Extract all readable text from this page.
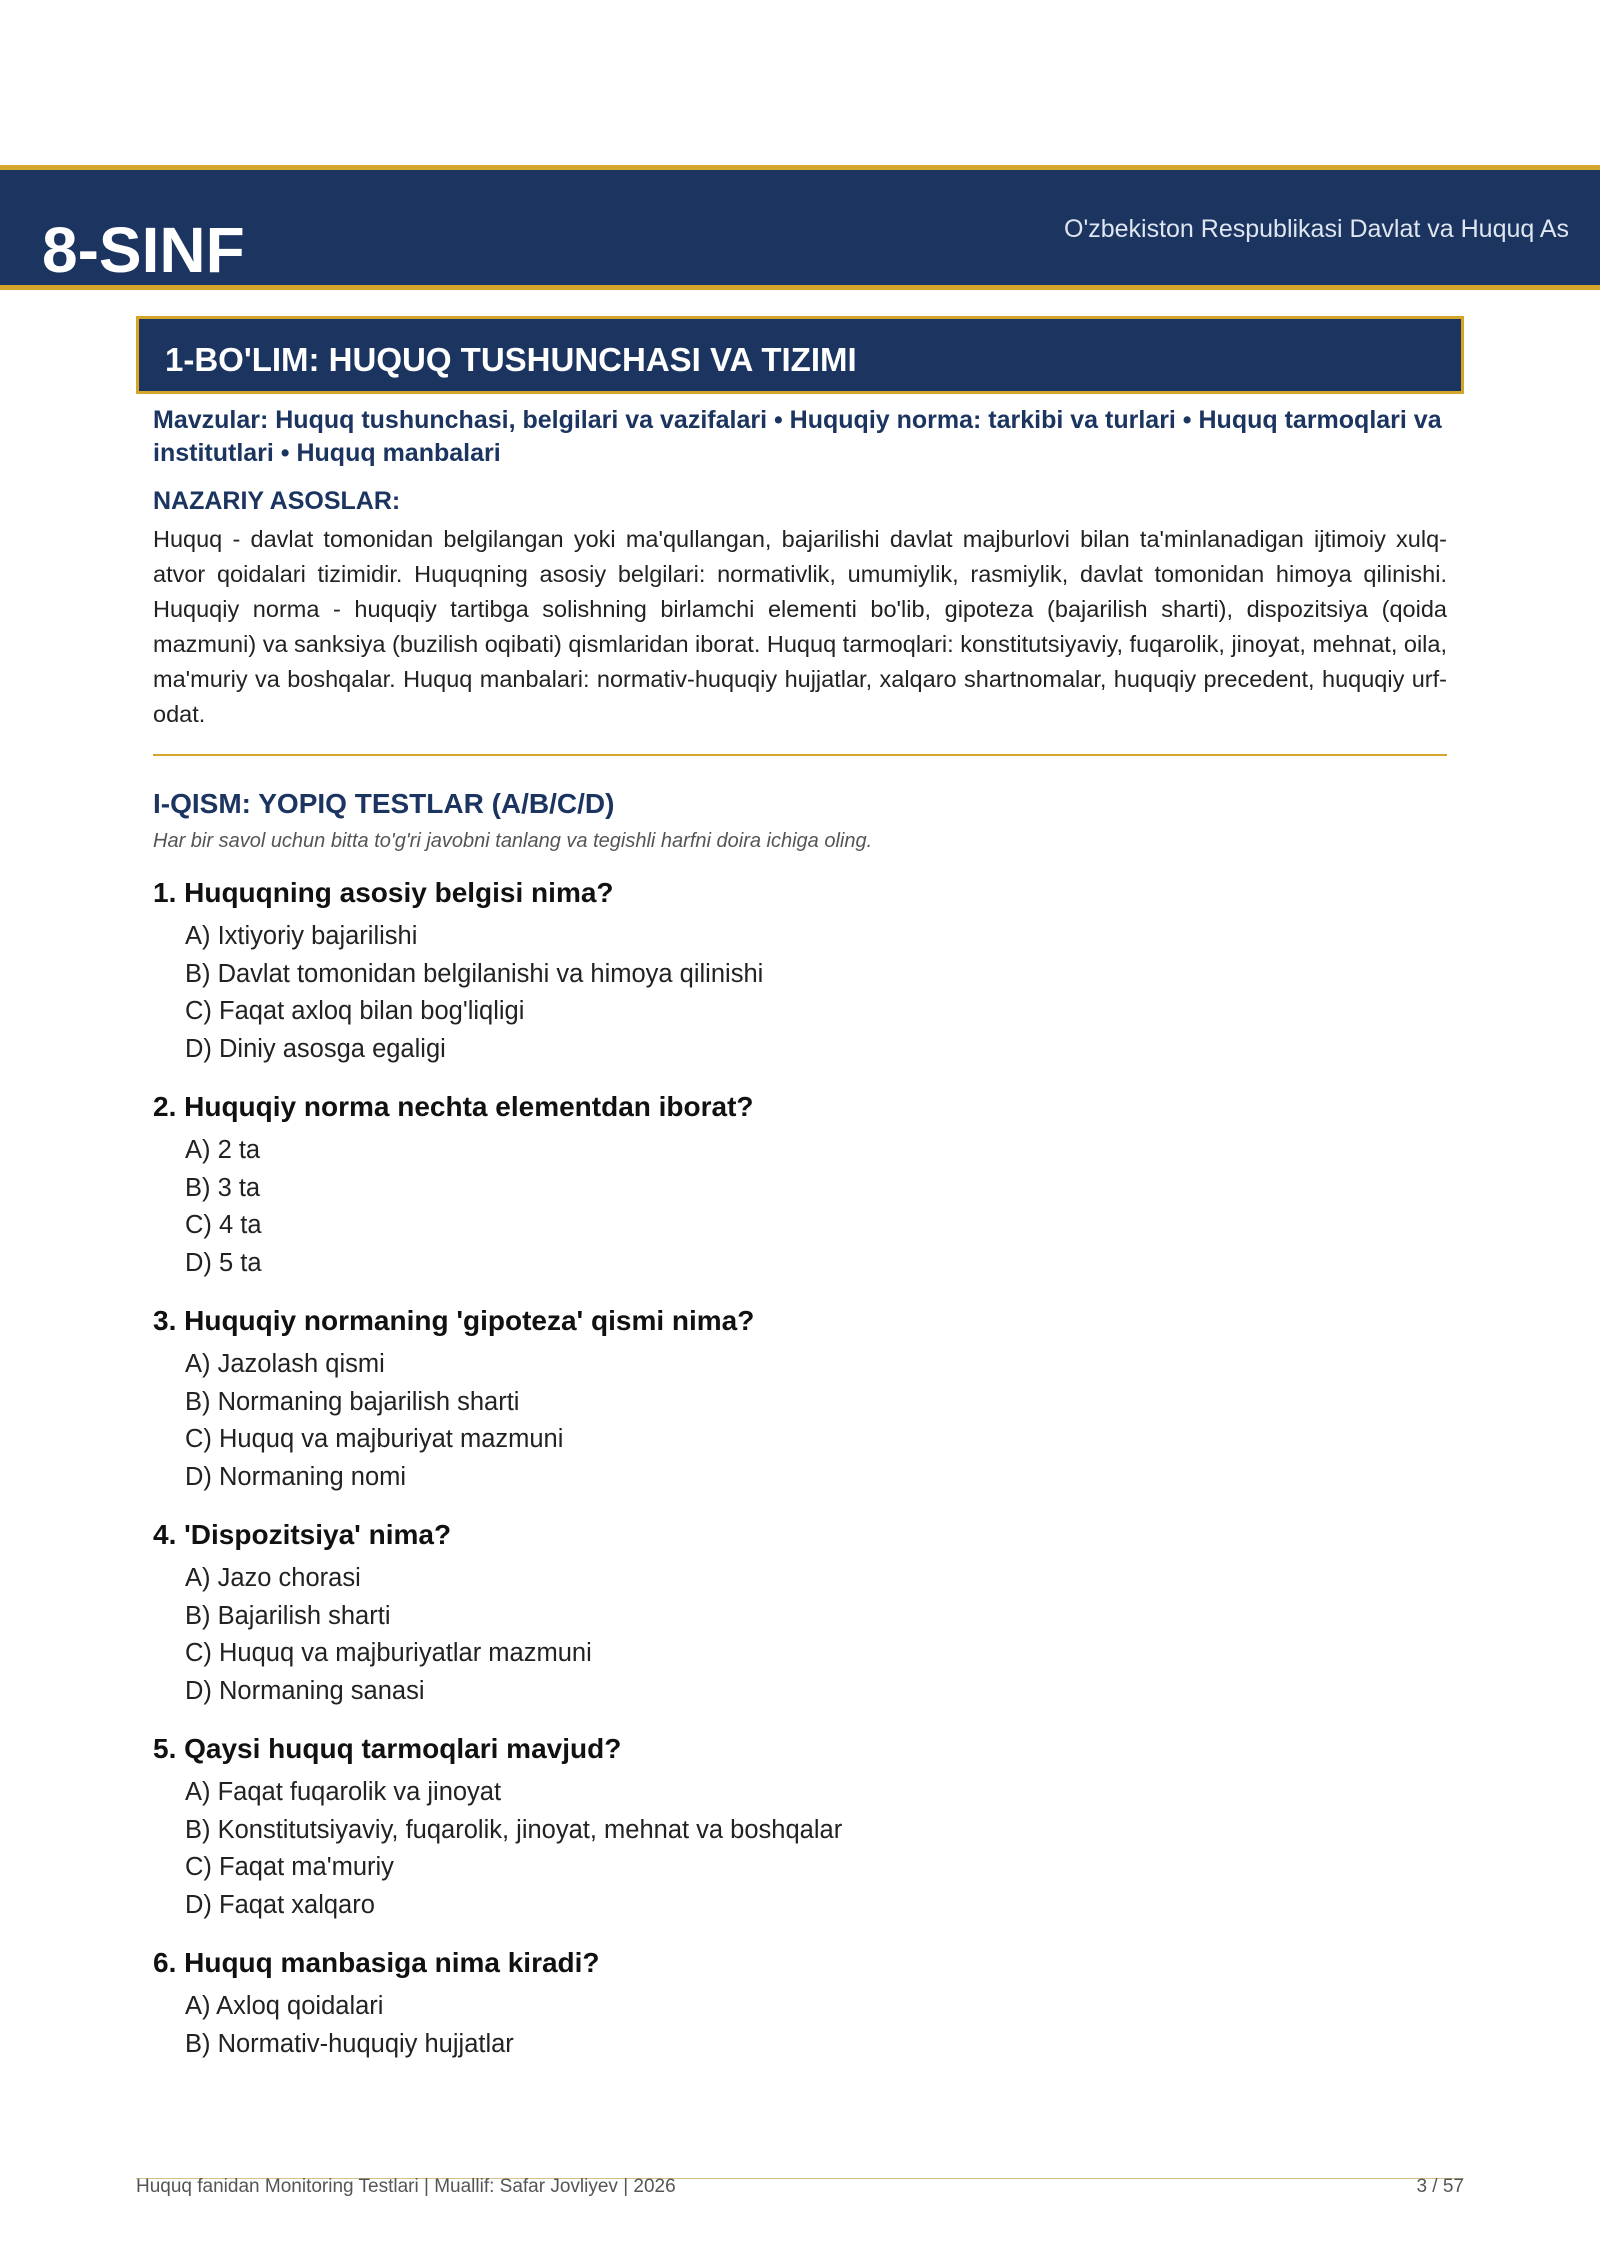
8-SINF	O'zbekiston Respublikasi Davlat va Huquq As
1-BO'LIM: HUQUQ TUSHUNCHASI VA TIZIMI

Mavzular: Huquq tushunchasi, belgilari va vazifalari • Huquqiy norma: tarkibi va turlari • Huquq tarmoqlari va institutlari • Huquq manbalari

NAZARIY ASOSLAR:

Huquq - davlat tomonidan belgilangan yoki ma'qullangan, bajarilishi davlat majburlovi bilan ta'minlanadigan ijtimoiy xulq-atvor qoidalari tizimidir. Huquqning asosiy belgilari: normativlik, umumiylik, rasmiylik, davlat tomonidan himoya qilinishi. Huquqiy norma - huquqiy tartibga solishning birlamchi elementi bo'lib, gipoteza (bajarilish sharti), dispozitsiya (qoida mazmuni) va sanksiya (buzilish oqibati) qismlaridan iborat. Huquq tarmoqlari: konstitutsiyaviy, fuqarolik, jinoyat, mehnat, oila, ma'muriy va boshqalar. Huquq manbalari: normativ-huquqiy hujjatlar, xalqaro shartnomalar, huquqiy precedent, huquqiy urf-odat.

I-QISM: YOPIQ TESTLAR (A/B/C/D)
Har bir savol uchun bitta to'g'ri javobni tanlang va tegishli harfni doira ichiga oling.
1. Huquqning asosiy belgisi nima?
A) Ixtiyoriy bajarilishi
B) Davlat tomonidan belgilanishi va himoya qilinishi
C) Faqat axloq bilan bog'liqligi
D) Diniy asosga egaligi
2. Huquqiy norma nechta elementdan iborat?
A) 2 ta
B) 3 ta
C) 4 ta
D) 5 ta
3. Huquqiy normaning 'gipoteza' qismi nima?
A) Jazolash qismi
B) Normaning bajarilish sharti
C) Huquq va majburiyat mazmuni
D) Normaning nomi
4. 'Dispozitsiya' nima?
A) Jazo chorasi
B) Bajarilish sharti
C) Huquq va majburiyatlar mazmuni
D) Normaning sanasi
5. Qaysi huquq tarmoqlari mavjud?
A) Faqat fuqarolik va jinoyat
B) Konstitutsiyaviy, fuqarolik, jinoyat, mehnat va boshqalar
C) Faqat ma'muriy
D) Faqat xalqaro
6. Huquq manbasiga nima kiradi?
A) Axloq qoidalari
B) Normativ-huquqiy hujjatlar
Huquq fanidan Monitoring Testlari | Muallif: Safar Jovliyev | 2026	3 / 57
